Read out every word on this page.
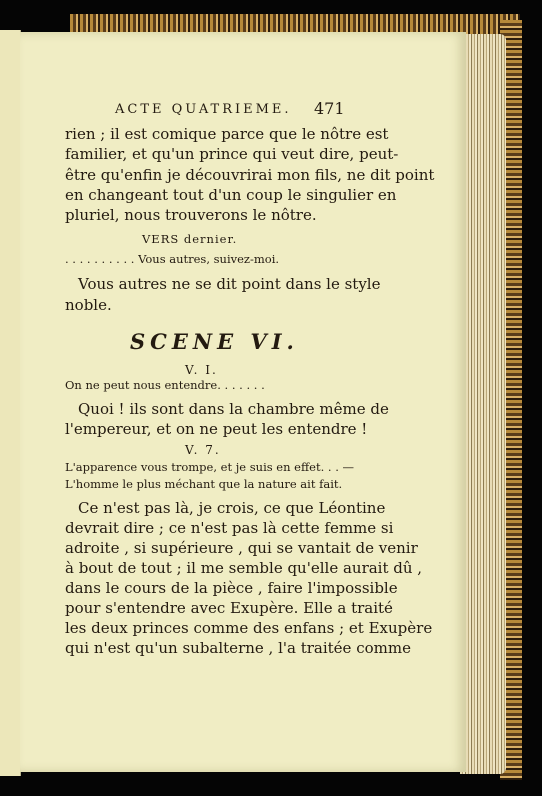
ACTE QUATRIEME. 471
rien ; il est comique parce que le nôtre est
familier, et qu'un prince qui veut dire, peut-
être qu'enfin je découvrirai mon fils, ne dit point
en changeant tout d'un coup le singulier en
pluriel, nous trouverons le nôtre.
VERS dernier.
. . . . . . . . . . Vous autres, suivez-moi.
Vous autres ne se dit point dans le style
noble.
SCENE VI.
V. I.
On ne peut nous entendre. . . . . . .
Quoi ! ils sont dans la chambre même de
l'empereur, et on ne peut les entendre !
V. 7.
L'apparence vous trompe, et je suis en effet. . . —
L'homme le plus méchant que la nature ait fait.
Ce n'est pas là, je crois, ce que Léontine
devrait dire ; ce n'est pas là cette femme si
adroite , si supérieure , qui se vantait de venir
à bout de tout ; il me semble qu'elle aurait dû ,
dans le cours de la pièce , faire l'impossible
pour s'entendre avec Exupère. Elle a traité
les deux princes comme des enfans ; et Exupère
qui n'est qu'un subalterne , l'a traitée comme
